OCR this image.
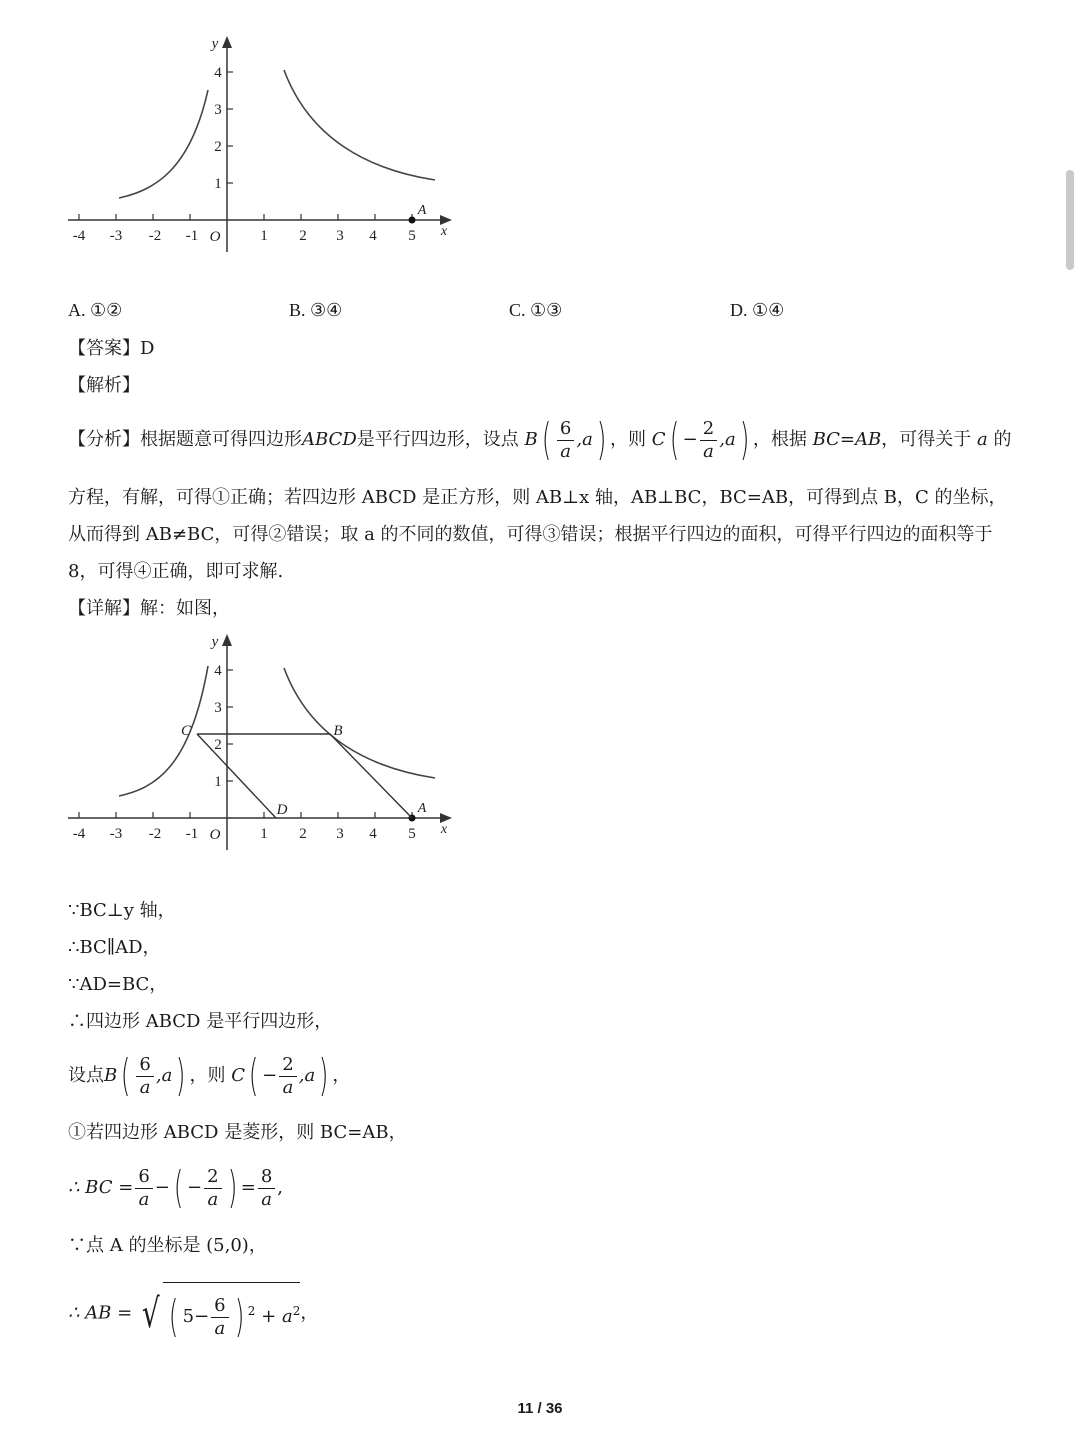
-4 -3 -2 -1	1 2 3 4 5
1
2
3
4
O
y
x
A
A. ①②	B. ③④	C. ①③	D. ①④
【答案】D
【解析】
【分析】根据题意可得四边形ABCD是平行四边形，设点 $B( \frac{6}{a} ,a)$ ，则 $C( - \frac{2}{a} ,a)$ ，根据 BC=AB，可得关于 a 的
方程，有解，可得①正确；若四边形 ABCD 是正方形，则 AB⊥x 轴，AB⊥BC，BC=AB，可得到点 B，C 的坐标，
从而得到 AB≠BC，可得②错误；取 a 的不同的数值，可得③错误；根据平行四边的面积，可得平行四边的面积等于
8，可得④正确，即可求解.
【详解】解：如图，
-4 -3 -2 -1	1 2 3 4 5
1
2
3
4
O
y
x
A
B
C
D
∵BC⊥y 轴，
∴BC∥AD，
∵AD=BC，
∴四边形 ABCD 是平行四边形，
设点$B( \frac{6}{a} ,a)$ ，则 $C( - \frac{2}{a} ,a)$ ，
①若四边形 ABCD 是菱形，则 BC=AB，
∴ BC = $\frac{6}{a}$ −( − $\frac{2}{a}$ ) = $\frac{8}{a}$ ,
∵点 A 的坐标是 (5,0)，
∴ AB = √ ( $5- \frac{6}{a}$ ) $^2 + a^2$，
11 / 36
